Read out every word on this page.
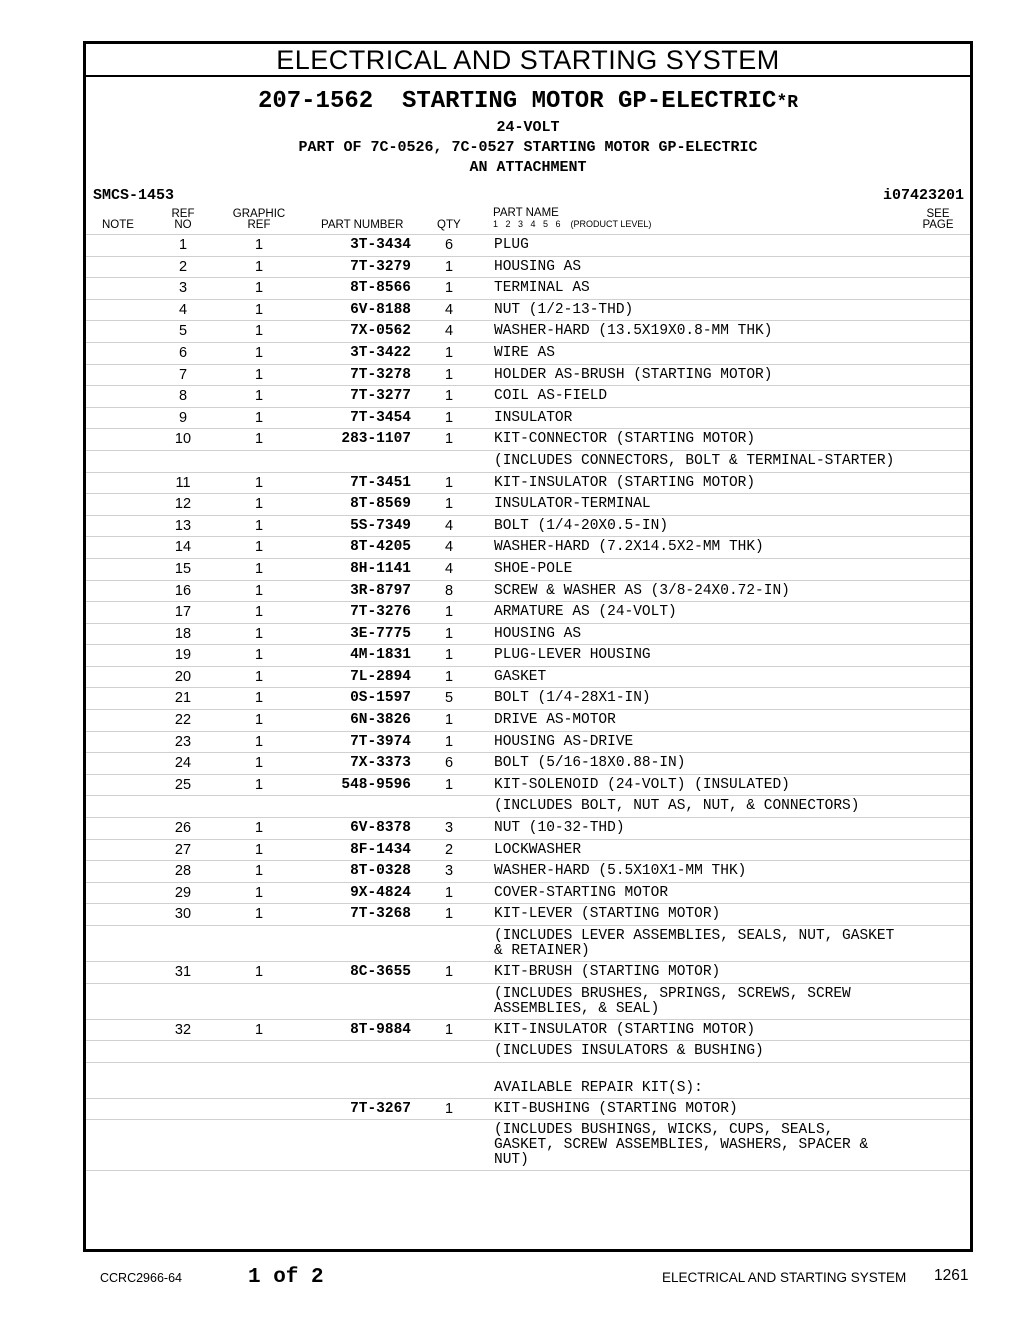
ELECTRICAL AND STARTING SYSTEM
207-1562 STARTING MOTOR GP-ELECTRIC*R
24-VOLT
PART OF 7C-0526, 7C-0527 STARTING MOTOR GP-ELECTRIC
AN ATTACHMENT
SMCS-1453	i07423201
NOTE
REF
NO
GRAPHIC
REF	PART NUMBER	QTY
PART NAME
1   2   3   4   5   6    (PRODUCT LEVEL)
SEE
PAGE
1	1	3T-3434	6	PLUG
2	1	7T-3279	1	HOUSING AS
3	1	8T-8566	1	TERMINAL AS
4	1	6V-8188	4	NUT (1/2-13-THD)
5	1	7X-0562	4	WASHER-HARD (13.5X19X0.8-MM THK)
6	1	3T-3422	1	WIRE AS
7	1	7T-3278	1	HOLDER AS-BRUSH (STARTING MOTOR)
8	1	7T-3277	1	COIL AS-FIELD
9	1	7T-3454	1	INSULATOR
10	1	283-1107	1	KIT-CONNECTOR (STARTING MOTOR)
(INCLUDES CONNECTORS, BOLT & TERMINAL-STARTER)
11	1	7T-3451	1	KIT-INSULATOR (STARTING MOTOR)
12	1	8T-8569	1	INSULATOR-TERMINAL
13	1	5S-7349	4	BOLT (1/4-20X0.5-IN)
14	1	8T-4205	4	WASHER-HARD (7.2X14.5X2-MM THK)
15	1	8H-1141	4	SHOE-POLE
16	1	3R-8797	8	SCREW & WASHER AS (3/8-24X0.72-IN)
17	1	7T-3276	1	ARMATURE AS (24-VOLT)
18	1	3E-7775	1	HOUSING AS
19	1	4M-1831	1	PLUG-LEVER HOUSING
20	1	7L-2894	1	GASKET
21	1	0S-1597	5	BOLT (1/4-28X1-IN)
22	1	6N-3826	1	DRIVE AS-MOTOR
23	1	7T-3974	1	HOUSING AS-DRIVE
24	1	7X-3373	6	BOLT (5/16-18X0.88-IN)
25	1	548-9596	1	KIT-SOLENOID (24-VOLT) (INSULATED)
(INCLUDES BOLT, NUT AS, NUT, & CONNECTORS)
26	1	6V-8378	3	NUT (10-32-THD)
27	1	8F-1434	2	LOCKWASHER
28	1	8T-0328	3	WASHER-HARD (5.5X10X1-MM THK)
29	1	9X-4824	1	COVER-STARTING MOTOR
30	1	7T-3268	1	KIT-LEVER (STARTING MOTOR)
(INCLUDES LEVER ASSEMBLIES, SEALS, NUT, GASKET
& RETAINER)
31	1	8C-3655	1	KIT-BRUSH (STARTING MOTOR)
(INCLUDES BRUSHES, SPRINGS, SCREWS, SCREW
ASSEMBLIES, & SEAL)
32	1	8T-9884	1	KIT-INSULATOR (STARTING MOTOR)
(INCLUDES INSULATORS & BUSHING)

AVAILABLE REPAIR KIT(S):
7T-3267	1	KIT-BUSHING (STARTING MOTOR)
(INCLUDES BUSHINGS, WICKS, CUPS, SEALS,
GASKET, SCREW ASSEMBLIES, WASHERS, SPACER &
NUT)
CCRC2966-64	1 of 2	ELECTRICAL AND STARTING SYSTEM 1261
